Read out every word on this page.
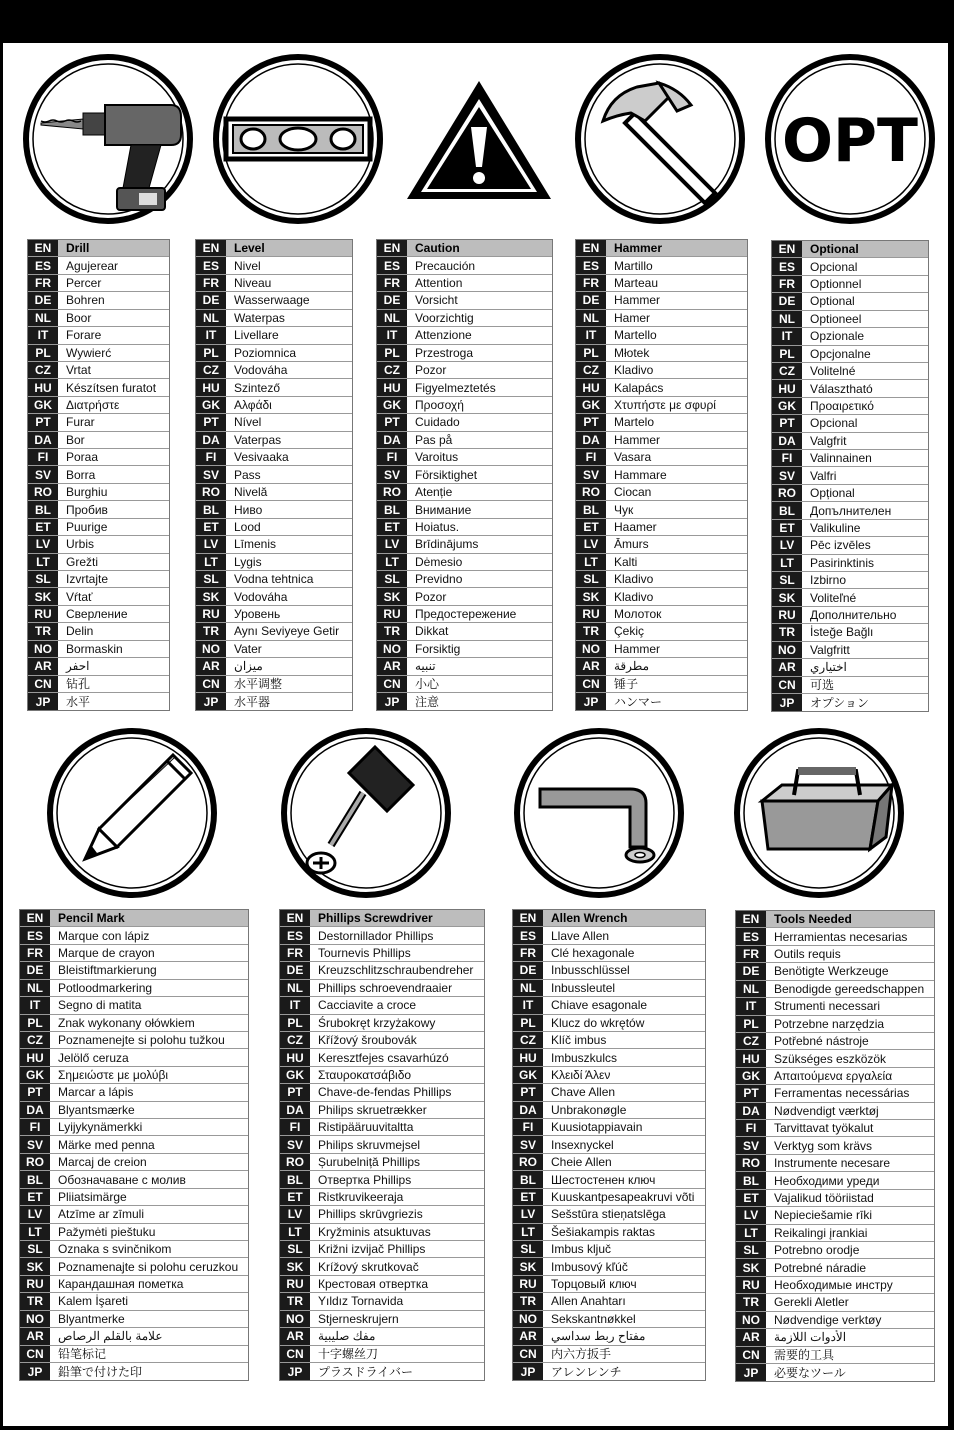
OPT
EN	Drill
ES	Agujerear
FR	Percer
DE	Bohren
NL	Boor
IT	Forare
PL	Wywierć
CZ	Vrtat
HU	Készítsen furatot
GK	Διατρήστε
PT	Furar
DA	Bor
FI	Poraa
SV	Borra
RO	Burghiu
BL	Пробив
ET	Puurige
LV	Urbis
LT	Grežti
SL	Izvrtajte
SK	Vŕtať
RU	Сверление
TR	Delin
NO	Bormaskin
AR	احفر
CN	钻孔
JP	水平
EN	Level
ES	Nivel
FR	Niveau
DE	Wasserwaage
NL	Waterpas
IT	Livellare
PL	Poziomnica
CZ	Vodováha
HU	Szintező
GK	Αλφάδι
PT	Nível
DA	Vaterpas
FI	Vesivaaka
SV	Pass
RO	Nivelă
BL	Ниво
ET	Lood
LV	Līmenis
LT	Lygis
SL	Vodna tehtnica
SK	Vodováha
RU	Уровень
TR	Aynı Seviyeye Getir
NO	Vater
AR	ميزان
CN	水平调整
JP	水平器
EN	Caution
ES	Precaución
FR	Attention
DE	Vorsicht
NL	Voorzichtig
IT	Attenzione
PL	Przestroga
CZ	Pozor
HU	Figyelmeztetés
GK	Προσοχή
PT	Cuidado
DA	Pas på
FI	Varoitus
SV	Försiktighet
RO	Atenție
BL	Внимание
ET	Hoiatus.
LV	Brīdinājums
LT	Dėmesio
SL	Previdno
SK	Pozor
RU	Предостережение
TR	Dikkat
NO	Forsiktig
AR	تنبيه
CN	小心
JP	注意
EN	Hammer
ES	Martillo
FR	Marteau
DE	Hammer
NL	Hamer
IT	Martello
PL	Młotek
CZ	Kladivo
HU	Kalapács
GK	Χτυπήστε με σφυρί
PT	Martelo
DA	Hammer
FI	Vasara
SV	Hammare
RO	Ciocan
BL	Чук
ET	Haamer
LV	Āmurs
LT	Kalti
SL	Kladivo
SK	Kladivo
RU	Молоток
TR	Çekiç
NO	Hammer
AR	مطرقة
CN	锤子
JP	ハンマー
EN	Optional
ES	Opcional
FR	Optionnel
DE	Optional
NL	Optioneel
IT	Opzionale
PL	Opcjonalne
CZ	Volitelné
HU	Választható
GK	Προαιρετικό
PT	Opcional
DA	Valgfrit
FI	Valinnainen
SV	Valfri
RO	Opțional
BL	Допълнителен
ET	Valikuline
LV	Pēc izvēles
LT	Pasirinktinis
SL	Izbirno
SK	Voliteľné
RU	Дополнительно
TR	İsteğe Bağlı
NO	Valgfritt
AR	اختياري
CN	可选
JP	オプション
EN	Pencil Mark
ES	Marque con lápiz
FR	Marque de crayon
DE	Bleistiftmarkierung
NL	Potloodmarkering
IT	Segno di matita
PL	Znak wykonany ołówkiem
CZ	Poznamenejte si polohu tužkou
HU	Jelölő ceruza
GK	Σημειώστε με μολύβι
PT	Marcar a lápis
DA	Blyantsmærke
FI	Lyijykynämerkki
SV	Märke med penna
RO	Marcaj de creion
BL	Обозначаване с молив
ET	Pliiatsimärge
LV	Atzīme ar zīmuli
LT	Pažymėti pieštuku
SL	Oznaka s svinčnikom
SK	Poznamenajte si polohu ceruzkou
RU	Карандашная пометка
TR	Kalem İşareti
NO	Blyantmerke
AR	علامة بالقلم الرصاص
CN	铅笔标记
JP	鉛筆で付けた印
EN	Phillips Screwdriver
ES	Destornillador Phillips
FR	Tournevis Phillips
DE	Kreuzschlitzschraubendreher
NL	Phillips schroevendraaier
IT	Cacciavite a croce
PL	Śrubokręt krzyżakowy
CZ	Křížový šroubovák
HU	Keresztfejes csavarhúzó
GK	Σταυροκατσάβιδο
PT	Chave-de-fendas Phillips
DA	Philips skruetrækker
FI	Ristipääruuvitaltta
SV	Philips skruvmejsel
RO	Șurubelniță Phillips
BL	Отвертка Phillips
ET	Ristkruvikeeraja
LV	Phillips skrūvgriezis
LT	Kryžminis atsuktuvas
SL	Križni izvijač Phillips
SK	Krížový skrutkovač
RU	Крестовая отвертка
TR	Yıldız Tornavida
NO	Stjerneskrujern
AR	مفك صليبية
CN	十字螺丝刀
JP	プラスドライバー
EN	Allen Wrench
ES	Llave Allen
FR	Clé hexagonale
DE	Inbusschlüssel
NL	Inbussleutel
IT	Chiave esagonale
PL	Klucz do wkrętów
CZ	Klíč imbus
HU	Imbuszkulcs
GK	Κλειδί Άλεν
PT	Chave Allen
DA	Unbrakonøgle
FI	Kuusiotappiavain
SV	Insexnyckel
RO	Cheie Allen
BL	Шестостенен ключ
ET	Kuuskantpesapeakruvi võti
LV	Sešstūra stieņatslēga
LT	Šešiakampis raktas
SL	Imbus ključ
SK	Imbusový kľúč
RU	Торцовый ключ
TR	Allen Anahtarı
NO	Sekskantnøkkel
AR	مفتاح ربط سداسي
CN	内六方扳手
JP	アレンレンチ
EN	Tools Needed
ES	Herramientas necesarias
FR	Outils requis
DE	Benötigte Werkzeuge
NL	Benodigde gereedschappen
IT	Strumenti necessari
PL	Potrzebne narzędzia
CZ	Potřebné nástroje
HU	Szükséges eszközök
GK	Απαιτούμενα εργαλεία
PT	Ferramentas necessárias
DA	Nødvendigt værktøj
FI	Tarvittavat työkalut
SV	Verktyg som krävs
RO	Instrumente necesare
BL	Необходими уреди
ET	Vajalikud tööriistad
LV	Nepieciešamie rīki
LT	Reikalingi įrankiai
SL	Potrebno orodje
SK	Potrebné náradie
RU	Необходимые инстру
TR	Gerekli Aletler
NO	Nødvendige verktøy
AR	الأدوات اللازمة
CN	需要的工具
JP	必要なツール
